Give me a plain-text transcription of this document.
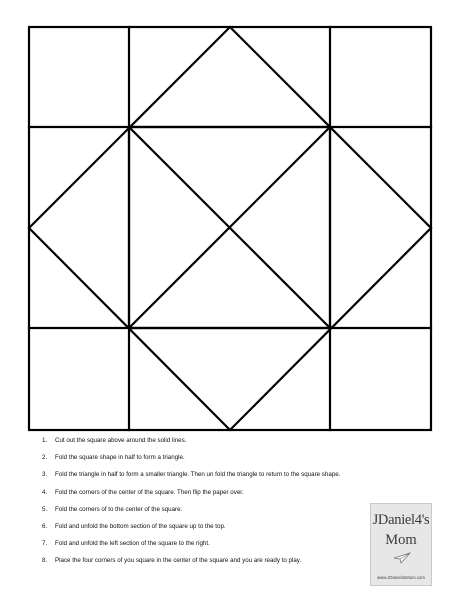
1.	Cut out the square above around the solid lines.
2.	Fold the square shape in half to form a triangle.
3.	Fold the triangle in half to form a smaller triangle. Then un fold the triangle to return to the square shape.
4.	Fold the corners of the center of the square. Then flip the paper over.
5.	Fold the corners of to the center of the square.
6.	Fold and unfold the bottom section of the square up to the top.
7.	Fold and unfold the left section of the square to the right.
8.	Place the four corners of you square in the center of the square and you are ready to play.
JDaniel4's
Mom
www.JDaniel4sMom.com
